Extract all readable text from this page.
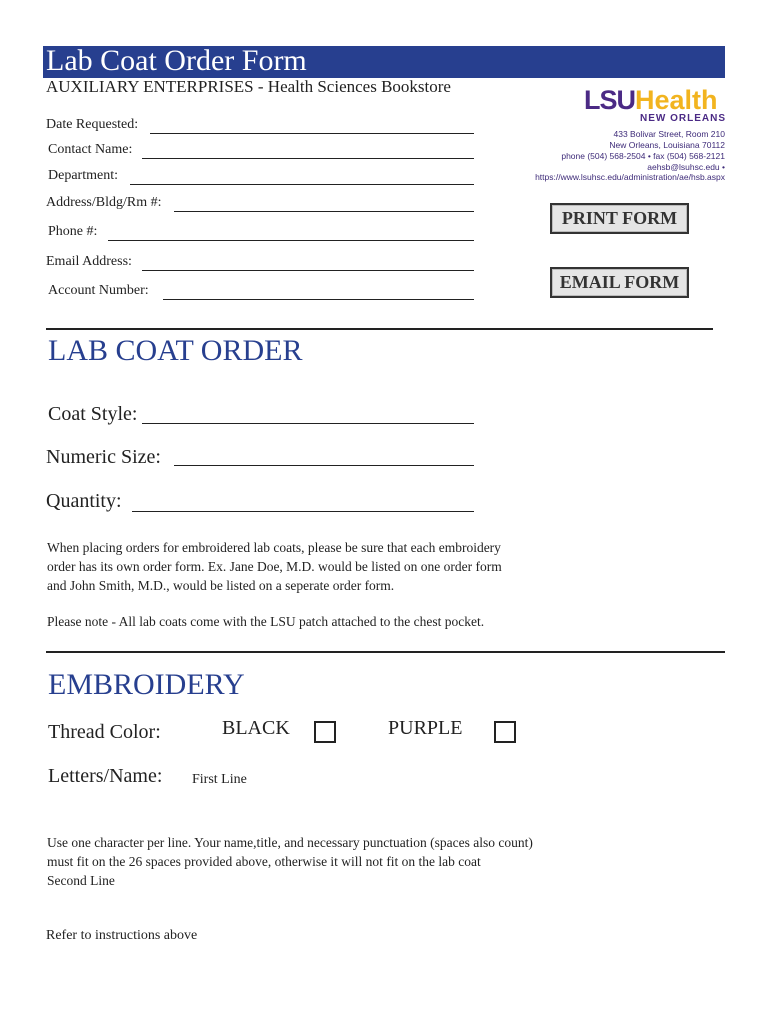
Lab Coat Order Form
AUXILIARY ENTERPRISES - Health Sciences Bookstore	LSUHealth
NEW ORLEANS
433 Bolivar Street, Room 210
New Orleans, Louisiana 70112
phone (504) 568-2504 • fax (504) 568-2121
aehsb@lsuhsc.edu •
https://www.lsuhsc.edu/administration/ae/hsb.aspx
Date Requested:
Contact Name:
Department:
Address/Bldg/Rm #:
Phone #:
Email Address:
Account Number:
PRINT FORM
EMAIL FORM
LAB COAT ORDER
Coat Style:
Numeric Size:
Quantity:
When placing orders for embroidered lab coats, please be sure that each embroidery
order has its own order form. Ex. Jane Doe, M.D. would be listed on one order form
and John Smith, M.D., would be listed on a seperate order form.
Please note - All lab coats come with the LSU patch attached to the chest pocket.
EMBROIDERY
Thread Color:	BLACK	PURPLE
Letters/Name: First Line
Use one character per line. Your name,title, and necessary punctuation (spaces also count)
must fit on the 26 spaces provided above, otherwise it will not fit on the lab coat
Second Line
Refer to instructions above
